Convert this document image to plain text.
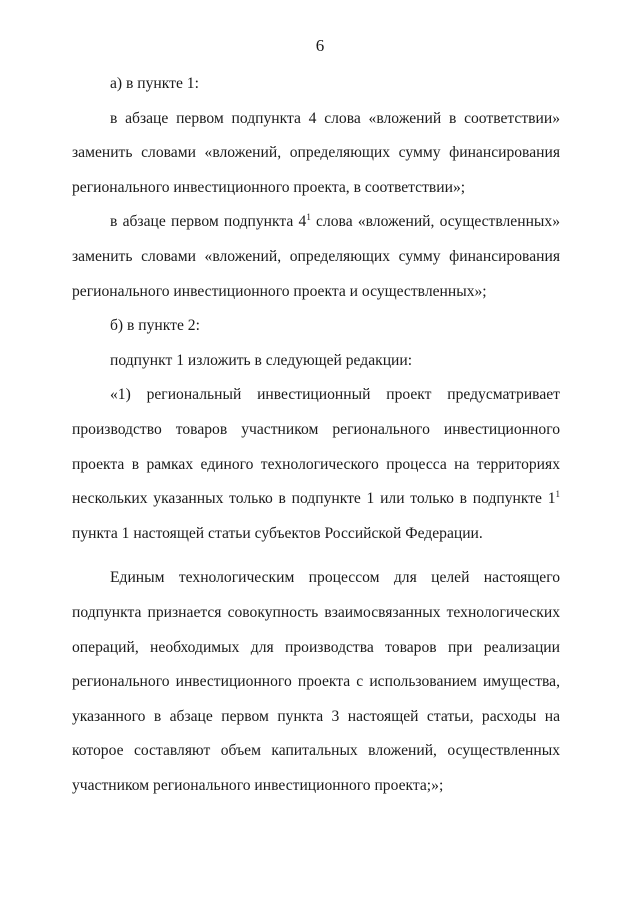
6

а) в пункте 1:

в абзаце первом подпункта 4 слова «вложений в соответствии» заменить словами «вложений, определяющих сумму финансирования регионального инвестиционного проекта, в соответствии»;

в абзаце первом подпункта $4^1$ слова «вложений, осуществленных» заменить словами «вложений, определяющих сумму финансирования регионального инвестиционного проекта и осуществленных»;

б) в пункте 2:

подпункт 1 изложить в следующей редакции:

«1) региональный инвестиционный проект предусматривает производство товаров участником регионального инвестиционного проекта в рамках единого технологического процесса на территориях нескольких указанных только в подпункте 1 или только в подпункте $1^1$ пункта 1 настоящей статьи субъектов Российской Федерации.

Единым технологическим процессом для целей настоящего подпункта признается совокупность взаимосвязанных технологических операций, необходимых для производства товаров при реализации регионального инвестиционного проекта с использованием имущества, указанного в абзаце первом пункта 3 настоящей статьи, расходы на которое составляют объем капитальных вложений, осуществленных участником регионального инвестиционного проекта;»;
